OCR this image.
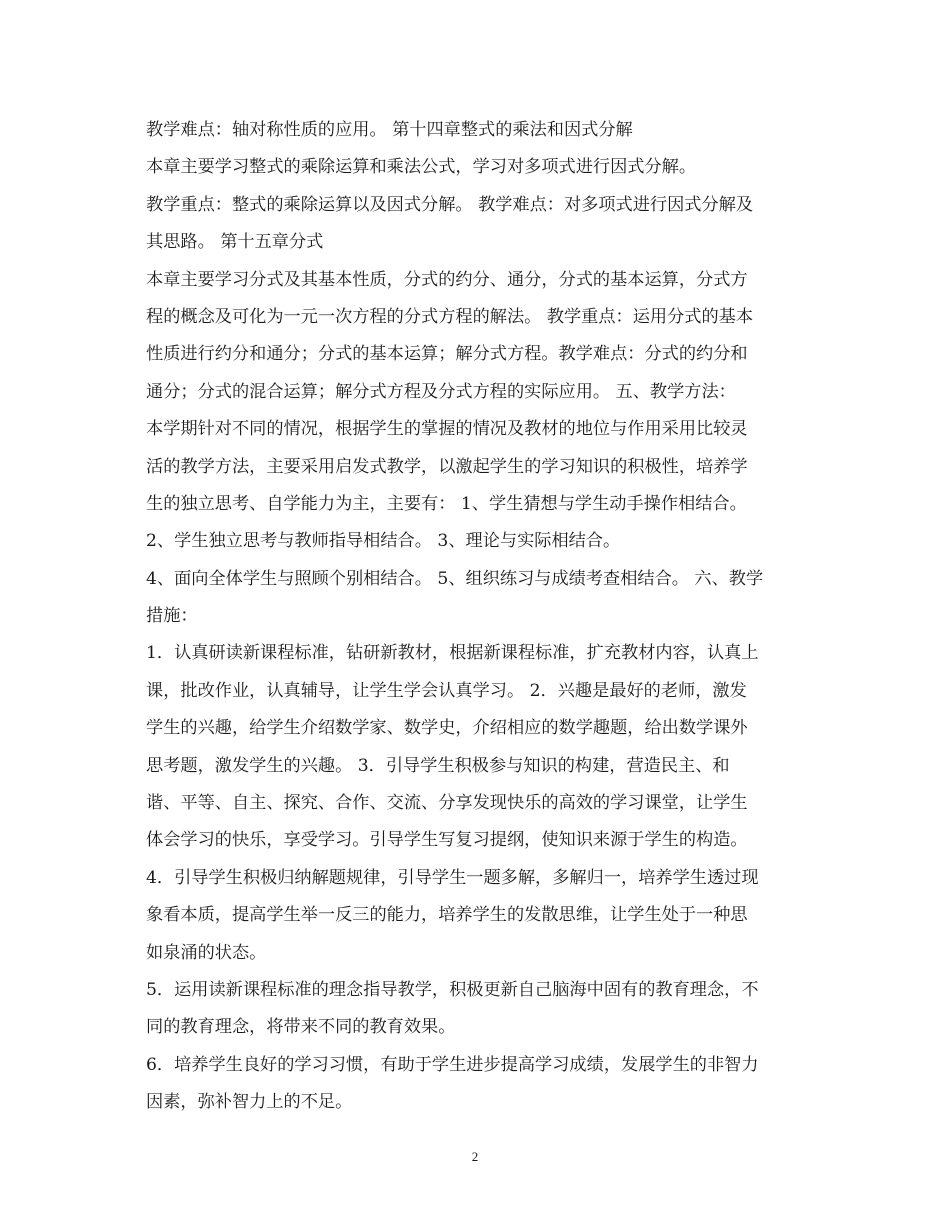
教学难点：轴对称性质的应用。 第十四章整式的乘法和因式分解
本章主要学习整式的乘除运算和乘法公式，学习对多项式进行因式分解。
教学重点：整式的乘除运算以及因式分解。 教学难点：对多项式进行因式分解及
其思路。 第十五章分式
本章主要学习分式及其基本性质，分式的约分、通分，分式的基本运算，分式方
程的概念及可化为一元一次方程的分式方程的解法。 教学重点：运用分式的基本
性质进行约分和通分；分式的基本运算；解分式方程。教学难点：分式的约分和
通分；分式的混合运算；解分式方程及分式方程的实际应用。 五、教学方法：
本学期针对不同的情况，根据学生的掌握的情况及教材的地位与作用采用比较灵
活的教学方法，主要采用启发式教学，以激起学生的学习知识的积极性，培养学
生的独立思考、自学能力为主，主要有： 1、学生猜想与学生动手操作相结合。
2、学生独立思考与教师指导相结合。 3、理论与实际相结合。
4、面向全体学生与照顾个别相结合。 5、组织练习与成绩考查相结合。 六、教学
措施：
1．认真研读新课程标准，钻研新教材，根据新课程标准，扩充教材内容，认真上
课，批改作业，认真辅导，让学生学会认真学习。 2．兴趣是最好的老师，激发
学生的兴趣，给学生介绍数学家、数学史，介绍相应的数学趣题，给出数学课外
思考题，激发学生的兴趣。 3．引导学生积极参与知识的构建，营造民主、和
谐、平等、自主、探究、合作、交流、分享发现快乐的高效的学习课堂，让学生
体会学习的快乐，享受学习。引导学生写复习提纲，使知识来源于学生的构造。
4．引导学生积极归纳解题规律，引导学生一题多解，多解归一，培养学生透过现
象看本质，提高学生举一反三的能力，培养学生的发散思维，让学生处于一种思
如泉涌的状态。
5．运用读新课程标准的理念指导教学，积极更新自己脑海中固有的教育理念，不
同的教育理念，将带来不同的教育效果。
6．培养学生良好的学习习惯，有助于学生进步提高学习成绩，发展学生的非智力
因素，弥补智力上的不足。
2
